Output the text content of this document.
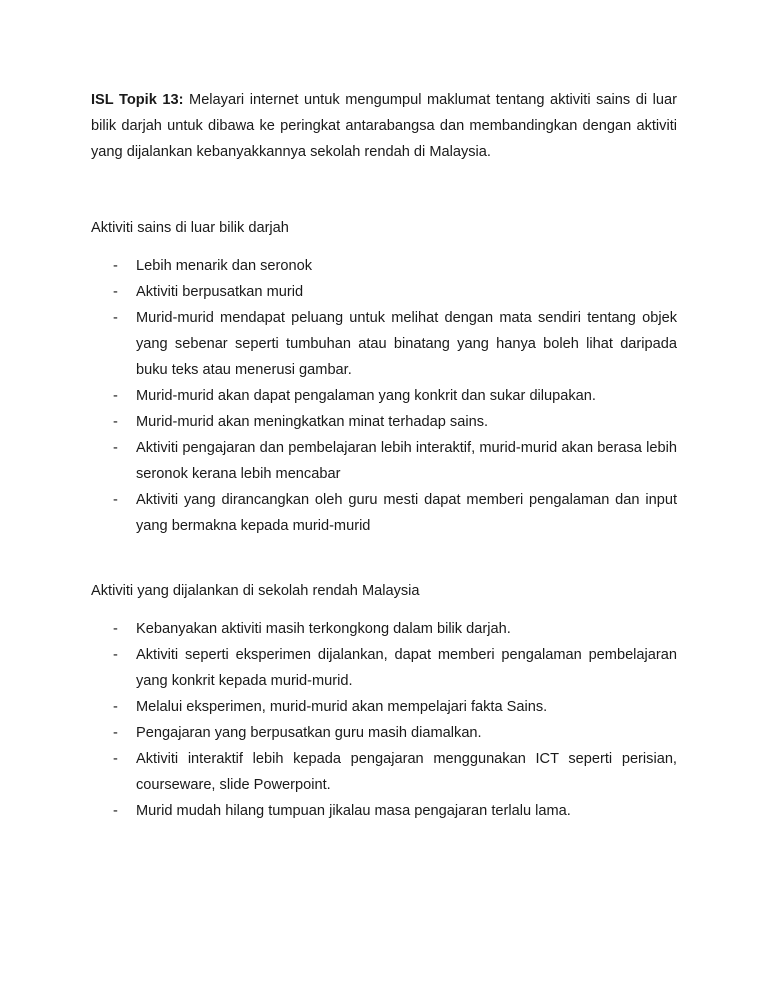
ISL Topik 13: Melayari internet untuk mengumpul maklumat tentang aktiviti sains di luar bilik darjah untuk dibawa ke peringkat antarabangsa dan membandingkan dengan aktiviti yang dijalankan kebanyakkannya sekolah rendah di Malaysia.

Aktiviti sains di luar bilik darjah

- Lebih menarik dan seronok
- Aktiviti berpusatkan murid
- Murid-murid mendapat peluang untuk melihat dengan mata sendiri tentang objek yang sebenar seperti tumbuhan atau binatang yang hanya boleh lihat daripada buku teks atau menerusi gambar.
- Murid-murid akan dapat pengalaman yang konkrit dan sukar dilupakan.
- Murid-murid akan meningkatkan minat terhadap sains.
- Aktiviti pengajaran dan pembelajaran lebih interaktif, murid-murid akan berasa lebih seronok kerana lebih mencabar
- Aktiviti yang dirancangkan oleh guru mesti dapat memberi pengalaman dan input yang bermakna kepada murid-murid

Aktiviti yang dijalankan di sekolah rendah Malaysia

- Kebanyakan aktiviti masih terkongkong dalam bilik darjah.
- Aktiviti seperti eksperimen dijalankan, dapat memberi pengalaman pembelajaran yang konkrit kepada murid-murid.
- Melalui eksperimen, murid-murid akan mempelajari fakta Sains.
- Pengajaran yang berpusatkan guru masih diamalkan.
- Aktiviti interaktif lebih kepada pengajaran menggunakan ICT seperti perisian, courseware, slide Powerpoint.
- Murid mudah hilang tumpuan jikalau masa pengajaran terlalu lama.
